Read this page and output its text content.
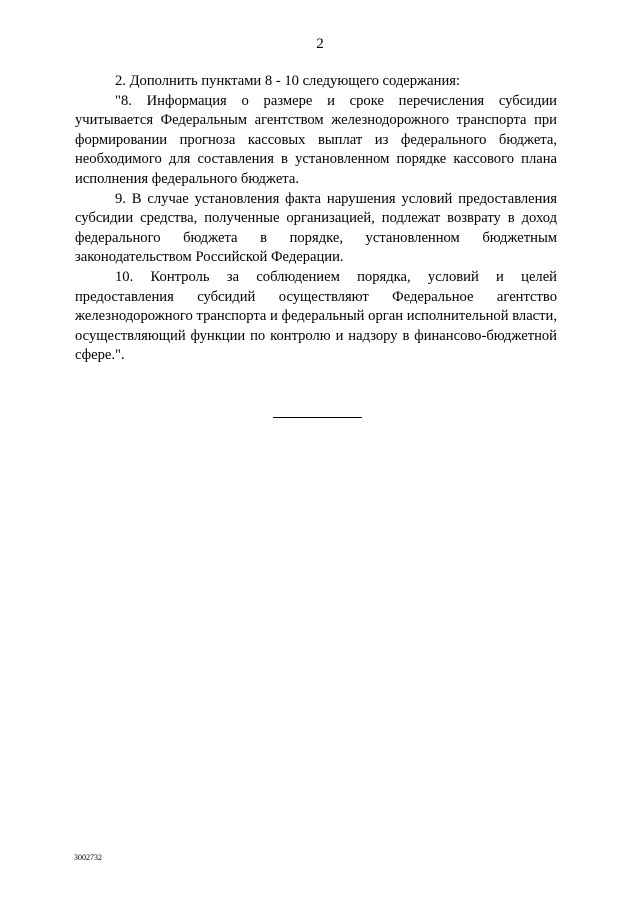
2

2. Дополнить пунктами 8 - 10 следующего содержания:

"8. Информация о размере и сроке перечисления субсидии учитывается Федеральным агентством железнодорожного транспорта при формировании прогноза кассовых выплат из федерального бюджета, необходимого для составления в установленном порядке кассового плана исполнения федерального бюджета.

9. В случае установления факта нарушения условий предоставления субсидии средства, полученные организацией, подлежат возврату в доход федерального бюджета в порядке, установленном бюджетным законодательством Российской Федерации.

10. Контроль за соблюдением порядка, условий и целей предоставления субсидий осуществляют Федеральное агентство железнодорожного транспорта и федеральный орган исполнительной власти, осуществляющий функции по контролю и надзору в финансово-бюджетной сфере.".

3002732
